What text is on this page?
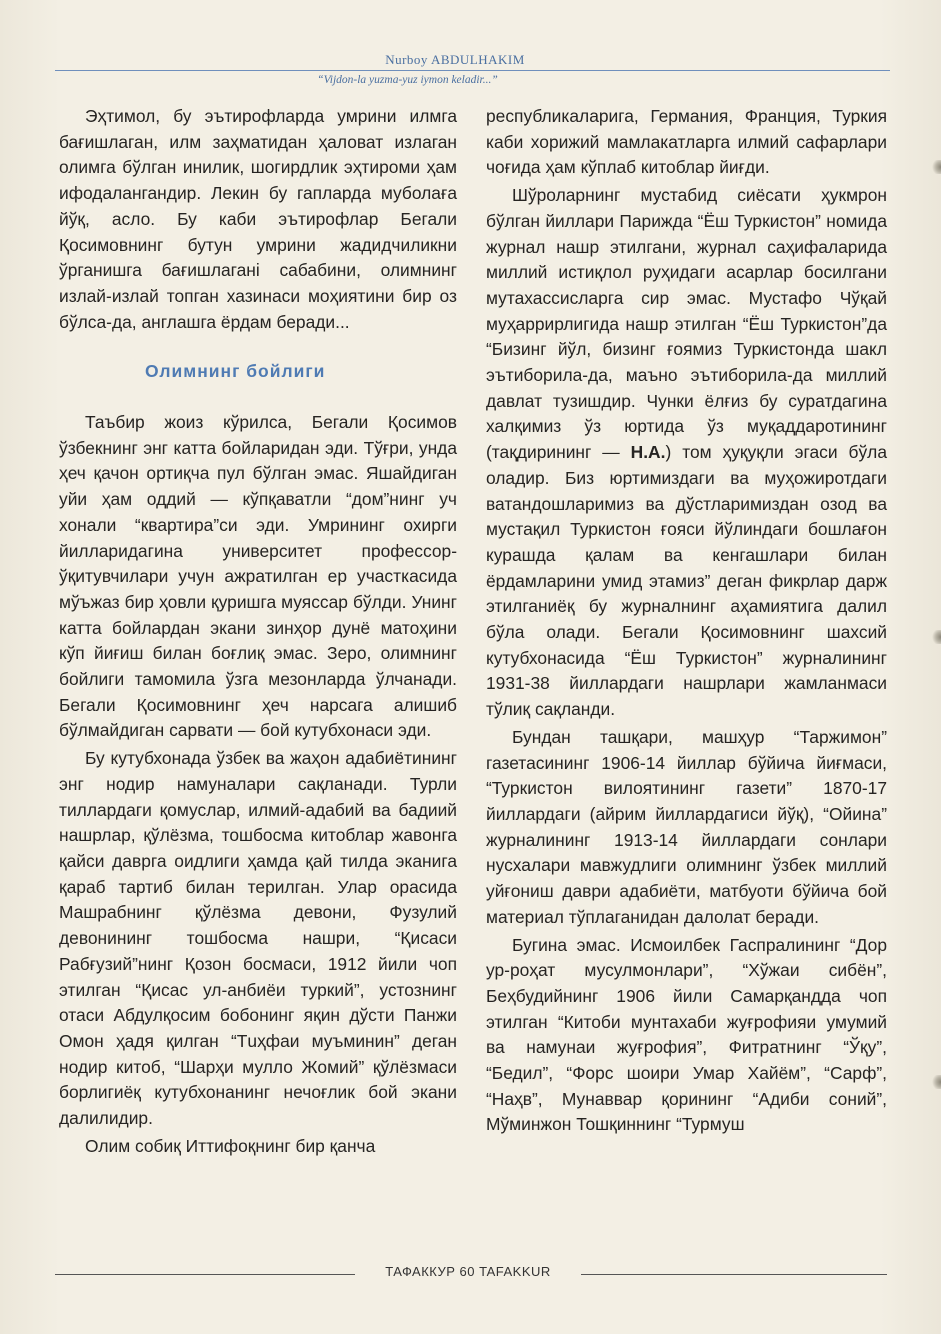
Nurboy ABDULHAKIM
“Vijdon-la yuzma-yuz iymon keladir...”

Эҳтимол, бу эътирофларда умрини илмга бағишлаган, илм заҳматидан ҳаловат излаган олимга бўлган инилик, шогирдлик эҳтироми ҳам ифодалангандир. Лекин бу гапларда муболаға йўқ, асло. Бу каби эътирофлар Бегали Қосимовнинг бутун умрини жадидчиликни ўрганишга бағишлаганi сабабини, олимнинг излай-излай топган хазинаси моҳиятини бир оз бўлса-да, англашга ёрдам беради...

Олимнинг бойлиги

Таъбир жоиз кўрилса, Бегали Қосимов ўзбекнинг энг катта бойларидан эди. Тўғри, унда ҳеч қачон ортиқча пул бўлган эмас. Яшайдиган уйи ҳам оддий — кўпқаватли “дом”нинг уч хонали “квартира”си эди. Умрининг охирги йилларидагина университет профессор-ўқитувчилари учун ажратилган ер участкасида мўъжаз бир ҳовли қуришга муяссар бўлди. Унинг катта бойлардан экани зинҳор дунё матоҳини кўп йиғиш билан боғлиқ эмас. Зеро, олимнинг бойлиги тамомила ўзга мезонларда ўлчанади. Бегали Қосимовнинг ҳеч нарсага алишиб бўлмайдиган сарвати — бой кутубхонаси эди.

Бу кутубхонада ўзбек ва жаҳон адабиётининг энг нодир намуналари сақланади. Турли тиллардаги қомуслар, илмий-адабий ва бадиий нашрлар, қўлёзма, тошбосма китоблар жавонга қайси даврга оидлиги ҳамда қай тилда эканига қараб тартиб билан терилган. Улар орасида Машрабнинг қўлёзма девони, Фузулий девонининг тошбосма нашри, “Қисаси Рабғузий”нинг Қозон босмаси, 1912 йили чоп этилган “Қисас ул-анбиёи туркий”, устознинг отаси Абдулқосим бобонинг яқин дўсти Панжи Омон ҳадя қилган “Тuҳфаи муъминин” деган нодир китоб, “Шарҳи мулло Жомий” қўлёзмаси борлигиёқ кутубхонанинг нечоғлик бой экани далилидир.

Олим собиқ Иттифоқнинг бир қанча

республикаларига, Германия, Франция, Туркия каби хорижий мамлакатларга илмий сафарлари чоғида ҳам кўплаб китоблар йиғди.

Шўроларнинг мустабид сиёсати ҳукмрон бўлган йиллари Парижда “Ёш Туркистон” номида журнал нашр этилгани, журнал саҳифаларида миллий истиқлол руҳидаги асарлар босилгани мутахассисларга сир эмас. Мустафо Чўқай муҳаррирлигида нашр этилган “Ёш Туркистон”да “Бизинг йўл, бизинг ғоямиз Туркистонда шакл эътиборила-да, маъно эътиборила-да миллий давлат тузишдир. Чунки ёлғиз бу суратдагина халқимиз ўз юртида ўз муқаддаротининг (тақдирининг — Н.А.) том ҳуқуқли эгаси бўла оладир. Биз юртимиздаги ва муҳожиротдаги ватандошларимиз ва дўстларимиздан озод ва мустақил Туркистон ғояси йўлиндаги бошлағон курашда қалам ва кенгашлари билан ёрдамларини умид этамиз” деган фикрлар дарж этилганиёқ бу журналнинг аҳамиятига далил бўла олади. Бегали Қосимовнинг шахсий кутубхонасида “Ёш Туркистон” журналининг 1931-38 йиллардаги нашрлари жамланмаси тўлиқ сақланди.

Бундан ташқари, машҳур “Таржимон” газетасининг 1906-14 йиллар бўйича йиғмаси, “Туркистон вилоятининг газети” 1870-17 йиллардаги (айрим йиллардагиси йўқ), “Ойина” журналининг 1913-14 йиллардаги сонлари нусхалари мавжудлиги олимнинг ўзбек миллий уйғониш даври адабиёти, матбуоти бўйича бой материал тўплаганидан далолат беради.

Бугина эмас. Исмоилбек Гаспралининг “Дор ур-роҳат мусулмонлари”, “Хўжаи сибён”, Беҳбудийнинг 1906 йили Самарқандда чоп этилган “Китоби мунтахаби жуғрофияи умумий ва намунаи жуғрофия”, Фитратнинг “Ўқу”, “Бедил”, “Форс шоири Умар Хайём”, “Сарф”, “Наҳв”, Мунаввар қорининг “Адиби соний”, Мўминжон Тошқиннинг “Турмуш

ТАФАККУР 60 TAFAKKUR
